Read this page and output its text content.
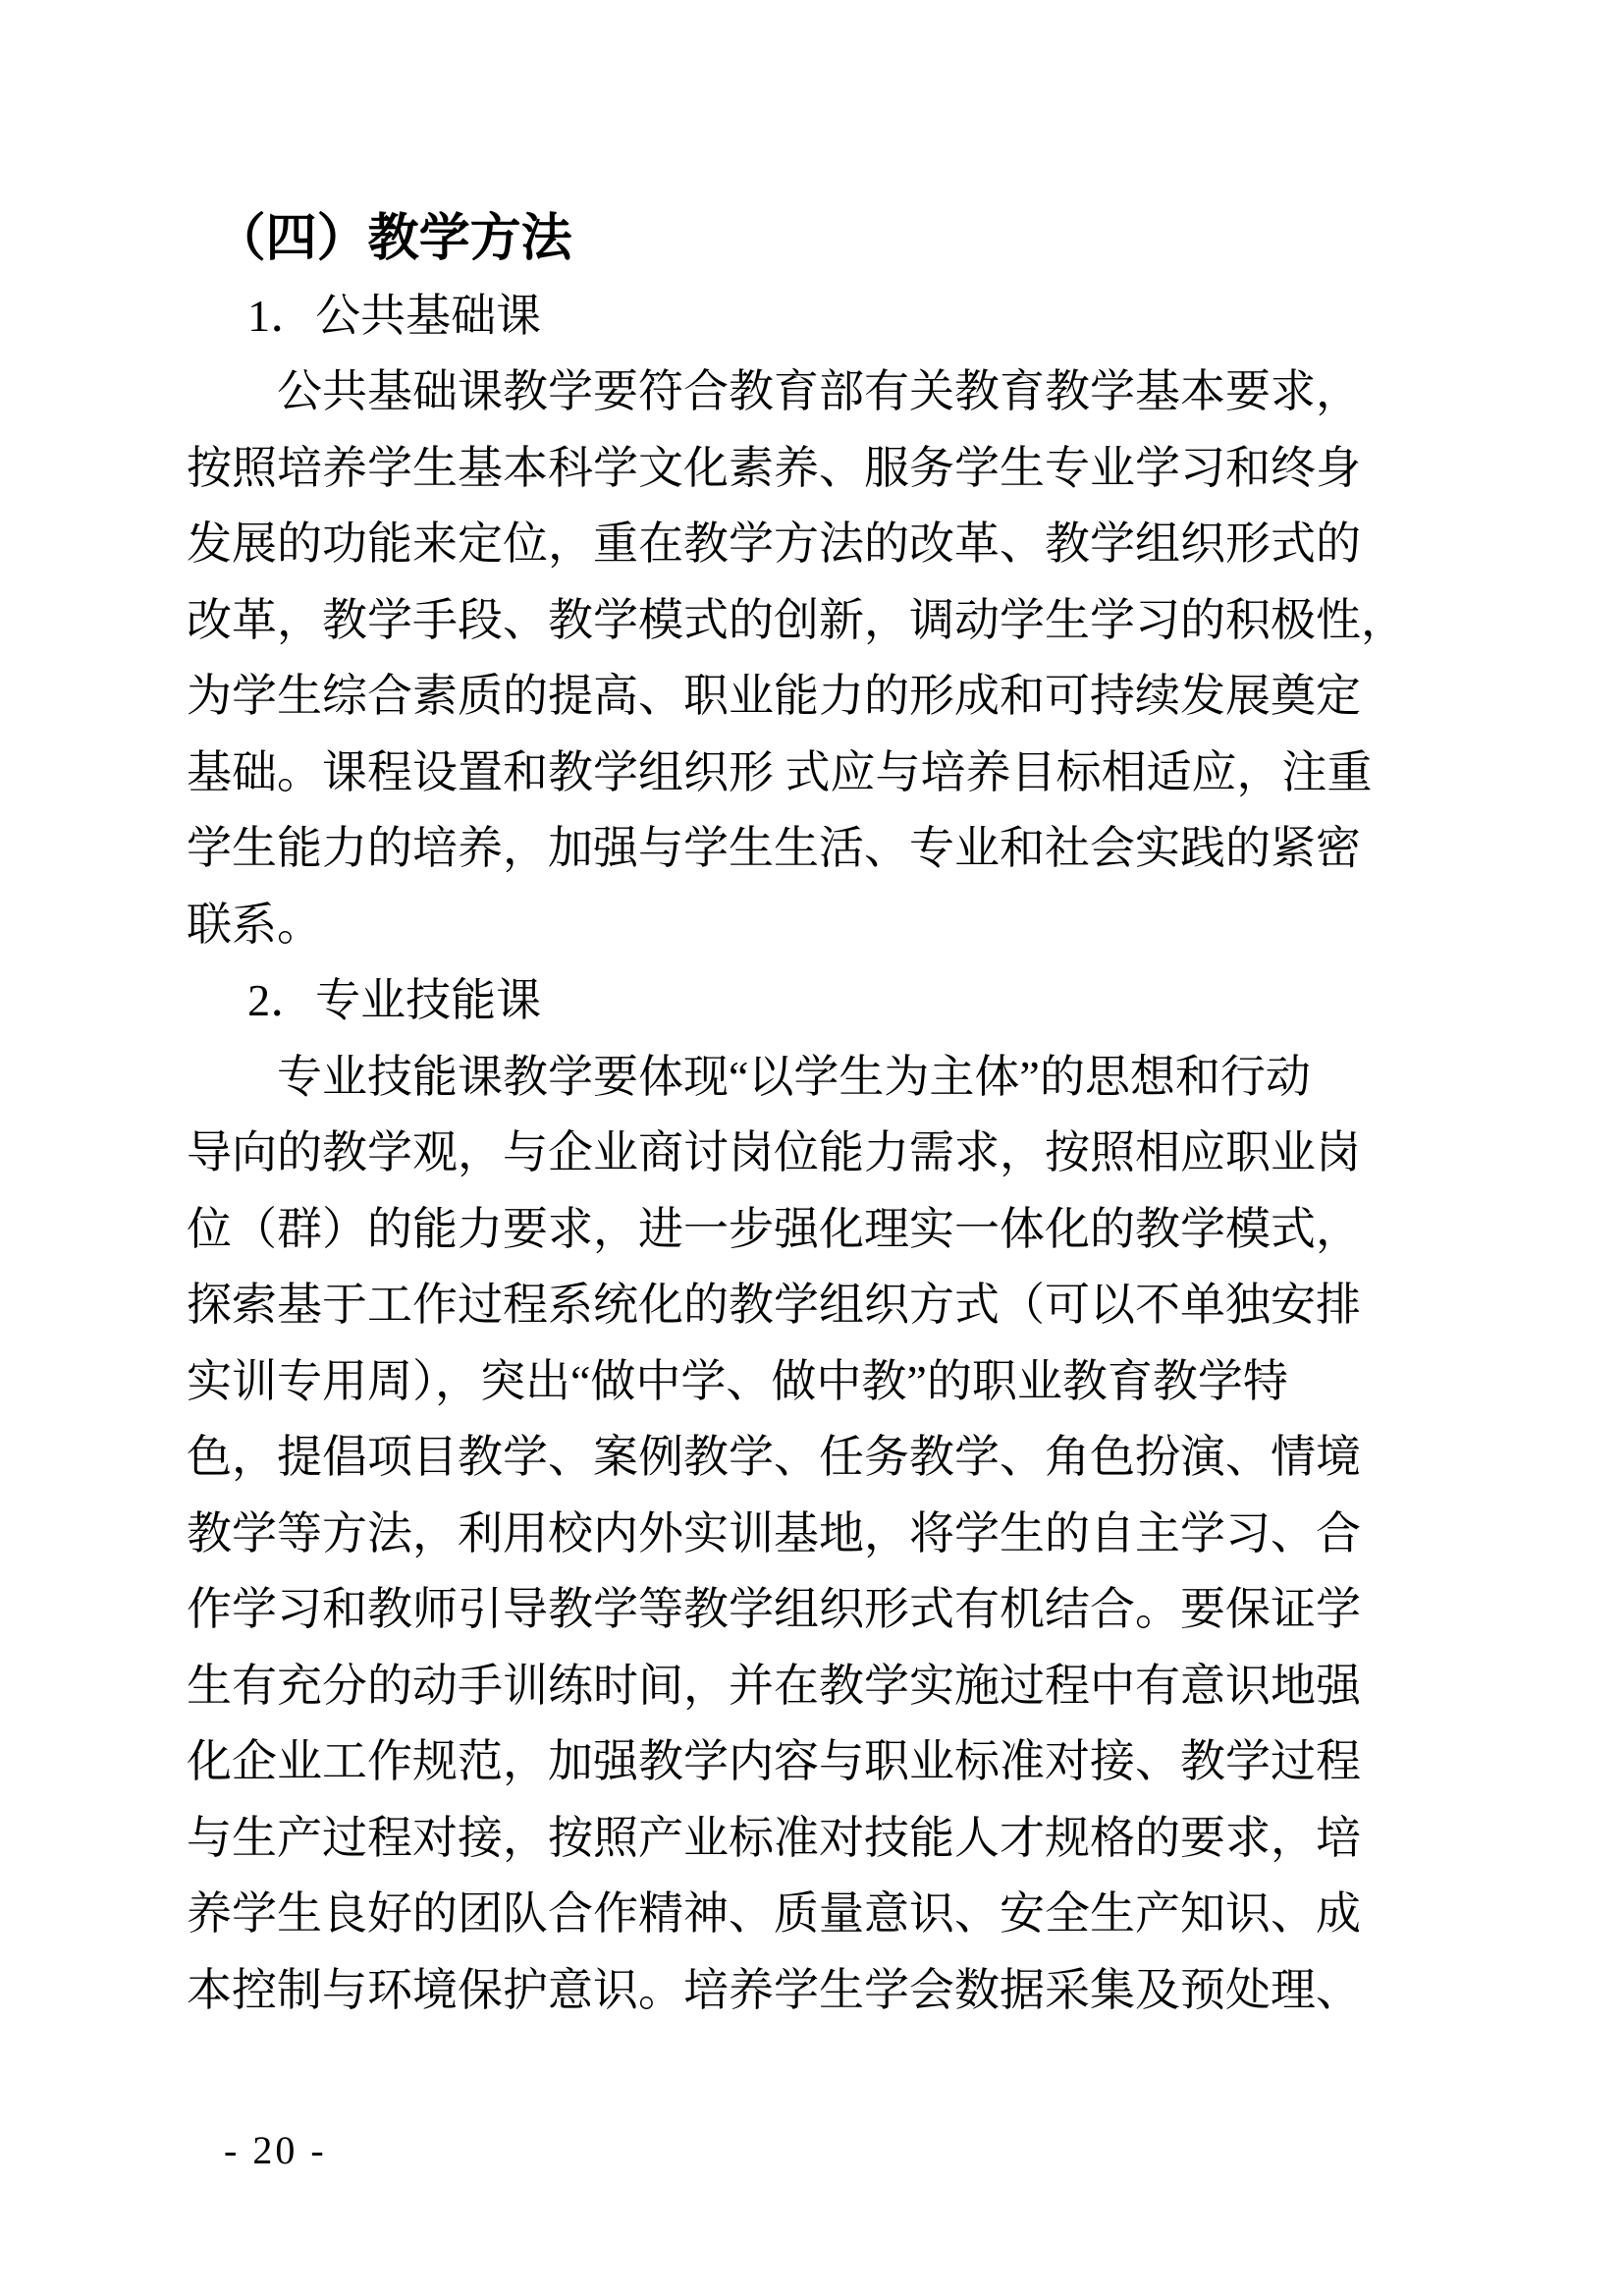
（四）教学方法
1．公共基础课
公共基础课教学要符合教育部有关教育教学基本要求，
按照培养学生基本科学文化素养、服务学生专业学习和终身
发展的功能来定位，重在教学方法的改革、教学组织形式的
改革，教学手段、教学模式的创新，调动学生学习的积极性，
为学生综合素质的提高、职业能力的形成和可持续发展奠定
基础。课程设置和教学组织形 式应与培养目标相适应，注重
学生能力的培养，加强与学生生活、专业和社会实践的紧密
联系。
2．专业技能课
专业技能课教学要体现“以学生为主体”的思想和行动
导向的教学观，与企业商讨岗位能力需求，按照相应职业岗
位（群）的能力要求，进一步强化理实一体化的教学模式，
探索基于工作过程系统化的教学组织方式（可以不单独安排
实训专用周），突出“做中学、做中教”的职业教育教学特
色，提倡项目教学、案例教学、任务教学、角色扮演、情境
教学等方法，利用校内外实训基地，将学生的自主学习、合
作学习和教师引导教学等教学组织形式有机结合。要保证学
生有充分的动手训练时间，并在教学实施过程中有意识地强
化企业工作规范，加强教学内容与职业标准对接、教学过程
与生产过程对接，按照产业标准对技能人才规格的要求，培
养学生良好的团队合作精神、质量意识、安全生产知识、成
本控制与环境保护意识。培养学生学会数据采集及预处理、
- 20 -
